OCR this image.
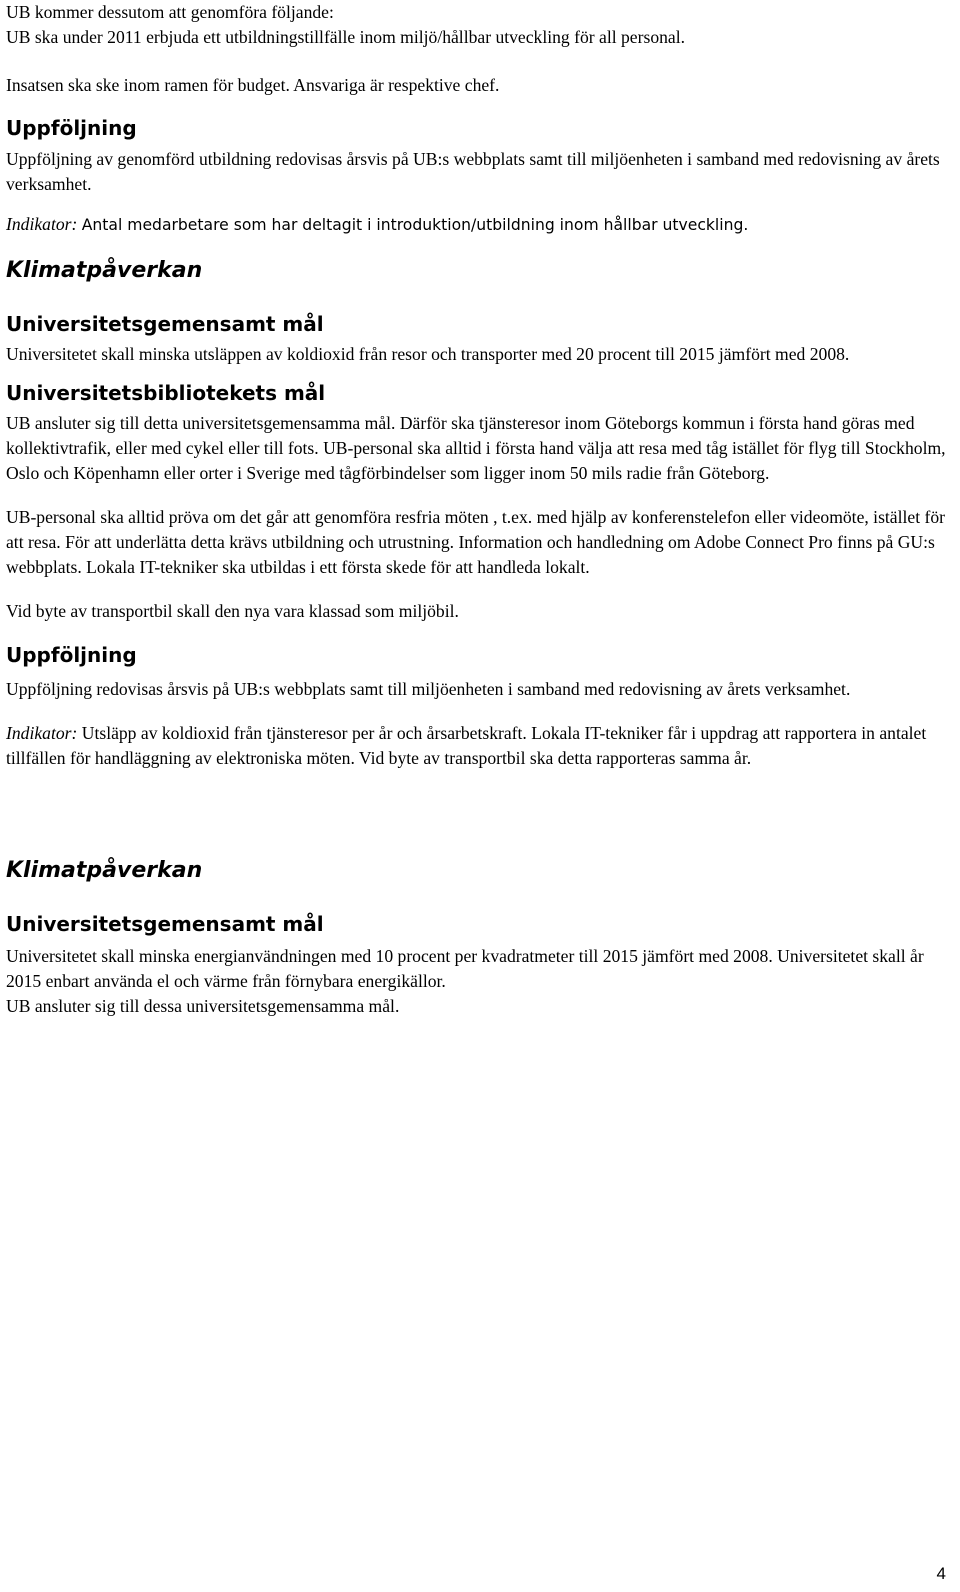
UB kommer dessutom att genomföra följande:

UB ska under 2011 erbjuda ett utbildningstillfälle inom miljö/hållbar utveckling för all personal.

Insatsen ska ske inom ramen för budget. Ansvariga är respektive chef.

Uppföljning

Uppföljning av genomförd utbildning redovisas årsvis på UB:s webbplats samt till miljöenheten i samband med redovisning av årets verksamhet.

Indikator: Antal medarbetare som har deltagit i introduktion/utbildning inom hållbar utveckling.

Klimatpåverkan
Universitetsgemensamt mål

Universitetet skall minska utsläppen av koldioxid från resor och transporter med 20 procent till 2015 jämfört med 2008.

Universitetsbibliotekets mål

UB ansluter sig till detta universitetsgemensamma mål. Därför ska tjänsteresor inom Göteborgs kommun i första hand göras med kollektivtrafik, eller med cykel eller till fots. UB-personal ska alltid i första hand välja att resa med tåg istället för flyg till Stockholm, Oslo och Köpenhamn eller orter i Sverige med tågförbindelser som ligger inom 50 mils radie från Göteborg.

UB-personal ska alltid pröva om det går att genomföra resfria möten , t.ex. med hjälp av konferenstelefon eller videomöte, istället för att resa. För att underlätta detta krävs utbildning och utrustning. Information och handledning om Adobe Connect Pro finns på GU:s webbplats. Lokala IT-tekniker ska utbildas i ett första skede för att handleda lokalt.

Vid byte av transportbil skall den nya vara klassad som miljöbil.

Uppföljning

Uppföljning redovisas årsvis på UB:s webbplats samt till miljöenheten i samband med redovisning av årets verksamhet.

Indikator: Utsläpp av koldioxid från tjänsteresor per år och årsarbetskraft. Lokala IT-tekniker får i uppdrag att rapportera in antalet tillfällen för handläggning av elektroniska möten. Vid byte av transportbil ska detta rapporteras samma år.

Klimatpåverkan
Universitetsgemensamt mål

Universitetet skall minska energianvändningen med 10 procent per kvadratmeter till 2015 jämfört med 2008. Universitetet skall år 2015 enbart använda el och värme från förnybara energikällor.

UB ansluter sig till dessa universitetsgemensamma mål.

4
